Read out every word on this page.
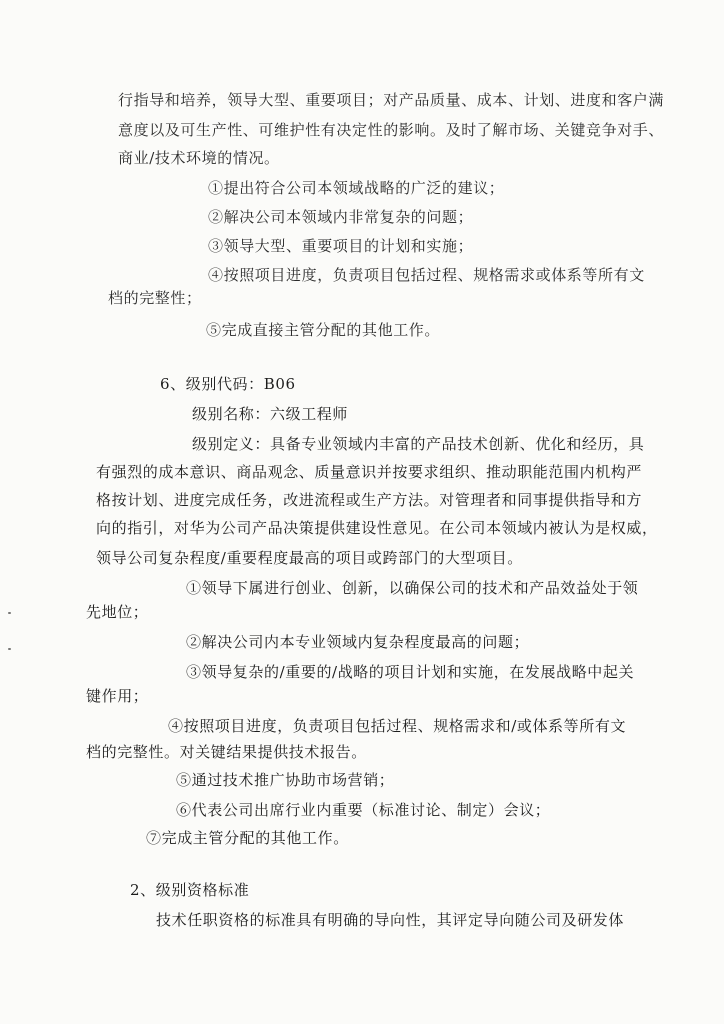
行指导和培养，领导大型、重要项目；对产品质量、成本、计划、进度和客户满
意度以及可生产性、可维护性有决定性的影响。及时了解市场、关键竞争对手、
商业/技术环境的情况。
①提出符合公司本领域战略的广泛的建议；
②解决公司本领域内非常复杂的问题；
③领导大型、重要项目的计划和实施；
④按照项目进度，负责项目包括过程、规格需求或体系等所有文
档的完整性；
⑤完成直接主管分配的其他工作。
6、级别代码：B06
级别名称：六级工程师
级别定义：具备专业领域内丰富的产品技术创新、优化和经历，具
有强烈的成本意识、商品观念、质量意识并按要求组织、推动职能范围内机构严
格按计划、进度完成任务，改进流程或生产方法。对管理者和同事提供指导和方
向的指引，对华为公司产品决策提供建设性意见。在公司本领域内被认为是权威，
领导公司复杂程度/重要程度最高的项目或跨部门的大型项目。
①领导下属进行创业、创新，以确保公司的技术和产品效益处于领
先地位；
②解决公司内本专业领域内复杂程度最高的问题；
③领导复杂的/重要的/战略的项目计划和实施，在发展战略中起关
键作用；
④按照项目进度，负责项目包括过程、规格需求和/或体系等所有文
档的完整性。对关键结果提供技术报告。
⑤通过技术推广协助市场营销；
⑥代表公司出席行业内重要（标准讨论、制定）会议；
⑦完成主管分配的其他工作。
2、级别资格标准
技术任职资格的标准具有明确的导向性，其评定导向随公司及研发体
